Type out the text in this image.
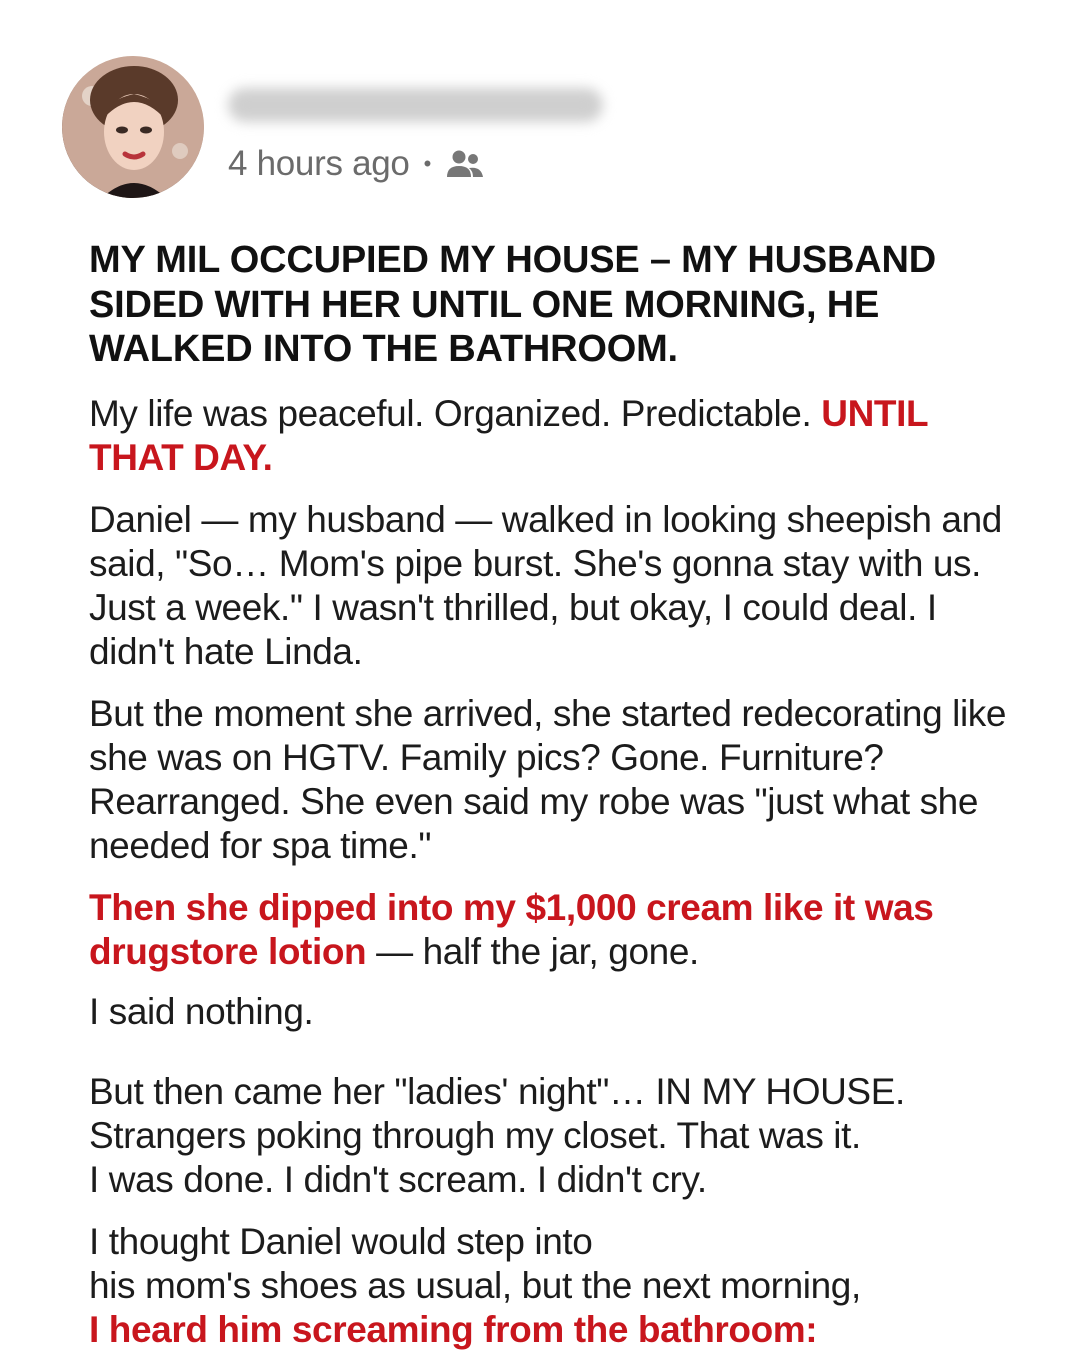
4 hours ago •
MY MIL OCCUPIED MY HOUSE – MY HUSBAND SIDED WITH HER UNTIL ONE MORNING, HE WALKED INTO THE BATHROOM.

My life was peaceful. Organized. Predictable. UNTIL THAT DAY.

Daniel — my husband — walked in looking sheepish and said, "So… Mom's pipe burst. She's gonna stay with us. Just a week." I wasn't thrilled, but okay, I could deal. I didn't hate Linda.

But the moment she arrived, she started redecorating like she was on HGTV. Family pics? Gone. Furniture? Rearranged. She even said my robe was "just what she needed for spa time."

Then she dipped into my $1,000 cream like it was drugstore lotion — half the jar, gone.

I said nothing.

But then came her "ladies' night"… IN MY HOUSE.
Strangers poking through my closet. That was it.
I was done. I didn't scream. I didn't cry.

I thought Daniel would step into
his mom's shoes as usual, but the next morning,
I heard him screaming from the bathroom:
